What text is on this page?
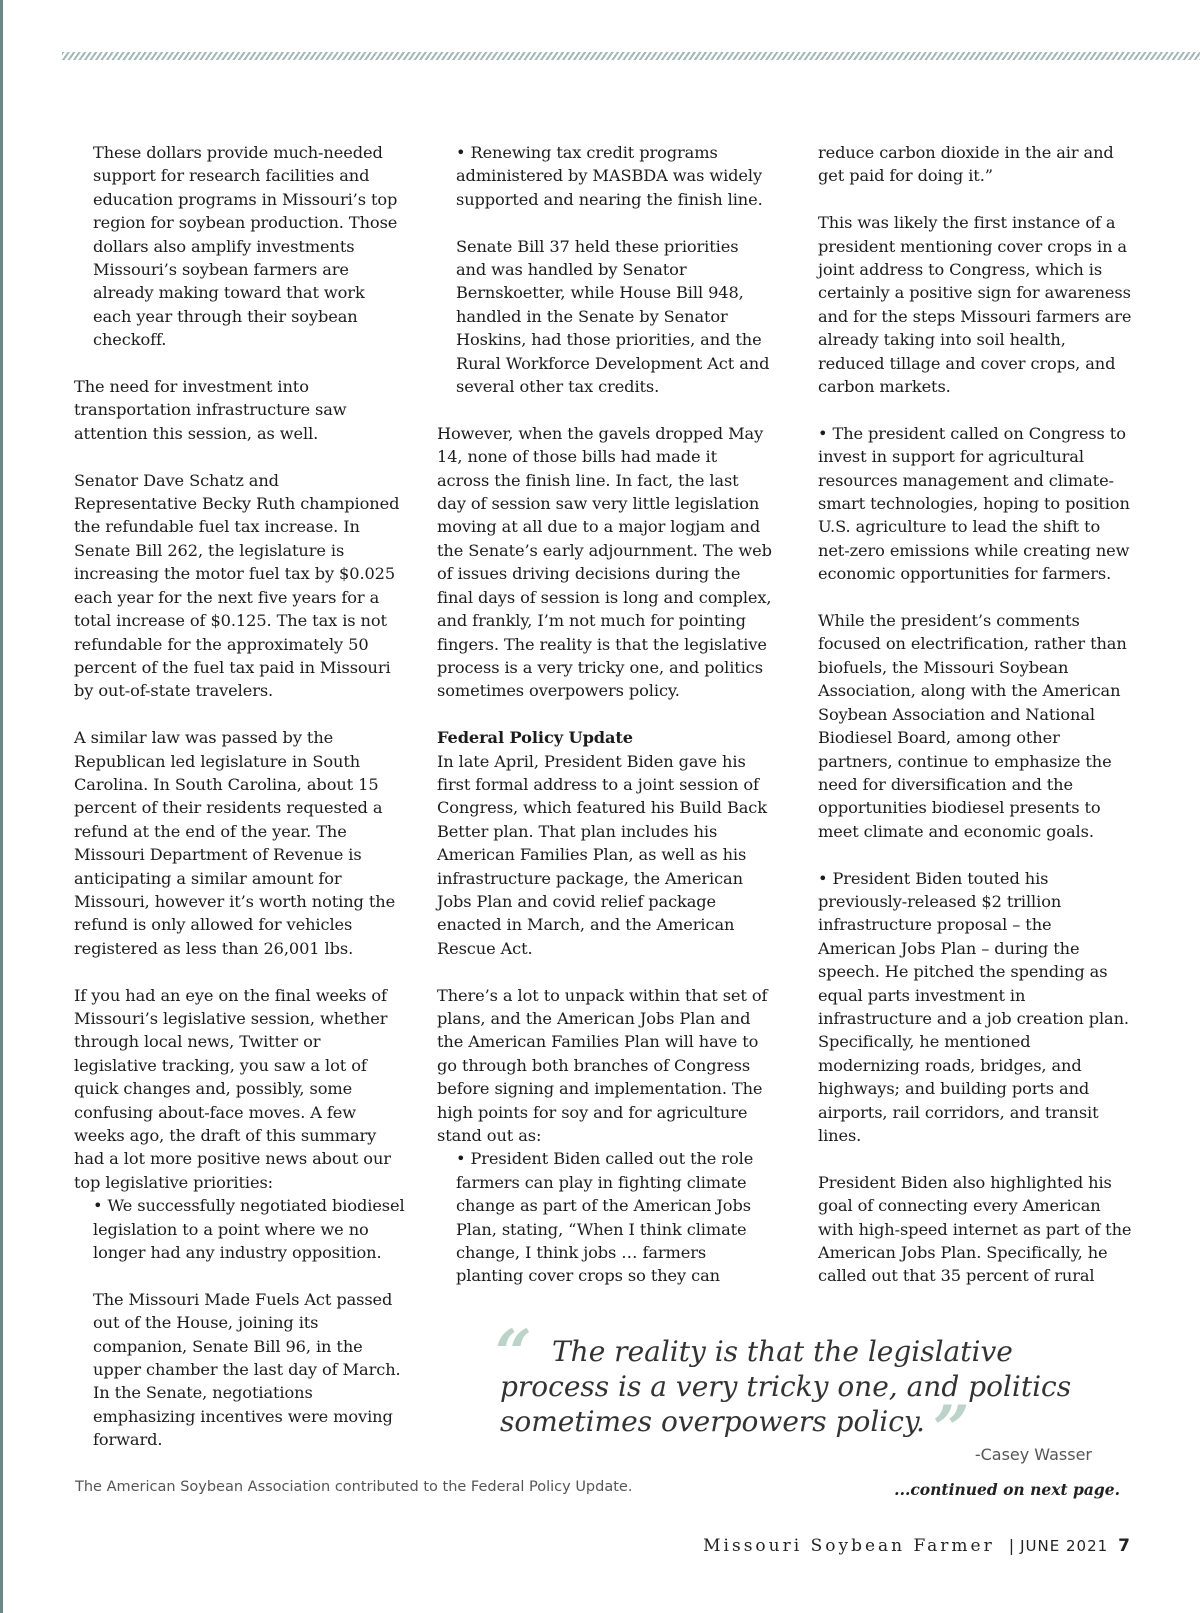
These dollars provide much-needed support for research facilities and education programs in Missouri’s top region for soybean production. Those dollars also amplify investments Missouri’s soybean farmers are already making toward that work each year through their soybean checkoff.

The need for investment into transportation infrastructure saw attention this session, as well.

Senator Dave Schatz and Representative Becky Ruth championed the refundable fuel tax increase. In Senate Bill 262, the legislature is increasing the motor fuel tax by $0.025 each year for the next five years for a total increase of $0.125. The tax is not refundable for the approximately 50 percent of the fuel tax paid in Missouri by out-of-state travelers.

A similar law was passed by the Republican led legislature in South Carolina. In South Carolina, about 15 percent of their residents requested a refund at the end of the year. The Missouri Department of Revenue is anticipating a similar amount for Missouri, however it’s worth noting the refund is only allowed for vehicles registered as less than 26,001 lbs.

If you had an eye on the final weeks of Missouri’s legislative session, whether through local news, Twitter or legislative tracking, you saw a lot of quick changes and, possibly, some confusing about-face moves. A few weeks ago, the draft of this summary had a lot more positive news about our top legislative priorities:

• We successfully negotiated biodiesel legislation to a point where we no longer had any industry opposition.

The Missouri Made Fuels Act passed out of the House, joining its companion, Senate Bill 96, in the upper chamber the last day of March. In the Senate, negotiations emphasizing incentives were moving forward.

• Renewing tax credit programs administered by MASBDA was widely supported and nearing the finish line.

Senate Bill 37 held these priorities and was handled by Senator Bernskoetter, while House Bill 948, handled in the Senate by Senator Hoskins, had those priorities, and the Rural Workforce Development Act and several other tax credits.

However, when the gavels dropped May 14, none of those bills had made it across the finish line. In fact, the last day of session saw very little legislation moving at all due to a major logjam and the Senate’s early adjournment. The web of issues driving decisions during the final days of session is long and complex, and frankly, I’m not much for pointing fingers. The reality is that the legislative process is a very tricky one, and politics sometimes overpowers policy.

Federal Policy Update
In late April, President Biden gave his first formal address to a joint session of Congress, which featured his Build Back Better plan. That plan includes his American Families Plan, as well as his infrastructure package, the American Jobs Plan and covid relief package enacted in March, and the American Rescue Act.

There’s a lot to unpack within that set of plans, and the American Jobs Plan and the American Families Plan will have to go through both branches of Congress before signing and implementation. The high points for soy and for agriculture stand out as:

• President Biden called out the role farmers can play in fighting climate change as part of the American Jobs Plan, stating, “When I think climate change, I think jobs … farmers planting cover crops so they can

reduce carbon dioxide in the air and get paid for doing it.”

This was likely the first instance of a president mentioning cover crops in a joint address to Congress, which is certainly a positive sign for awareness and for the steps Missouri farmers are already taking into soil health, reduced tillage and cover crops, and carbon markets.

• The president called on Congress to invest in support for agricultural resources management and climate-smart technologies, hoping to position U.S. agriculture to lead the shift to net-zero emissions while creating new economic opportunities for farmers.

While the president’s comments focused on electrification, rather than biofuels, the Missouri Soybean Association, along with the American Soybean Association and National Biodiesel Board, among other partners, continue to emphasize the need for diversification and the opportunities biodiesel presents to meet climate and economic goals.

• President Biden touted his previously-released $2 trillion infrastructure proposal – the American Jobs Plan – during the speech. He pitched the spending as equal parts investment in infrastructure and a job creation plan. Specifically, he mentioned modernizing roads, bridges, and highways; and building ports and airports, rail corridors, and transit lines.

President Biden also highlighted his goal of connecting every American with high-speed internet as part of the American Jobs Plan. Specifically, he called out that 35 percent of rural

“ The reality is that the legislative process is a very tricky one, and politics sometimes overpowers policy. ” -Casey Wasser
The American Soybean Association contributed to the Federal Policy Update.	...continued on next page.
Missouri Soybean Farmer | JUNE 2021 7
